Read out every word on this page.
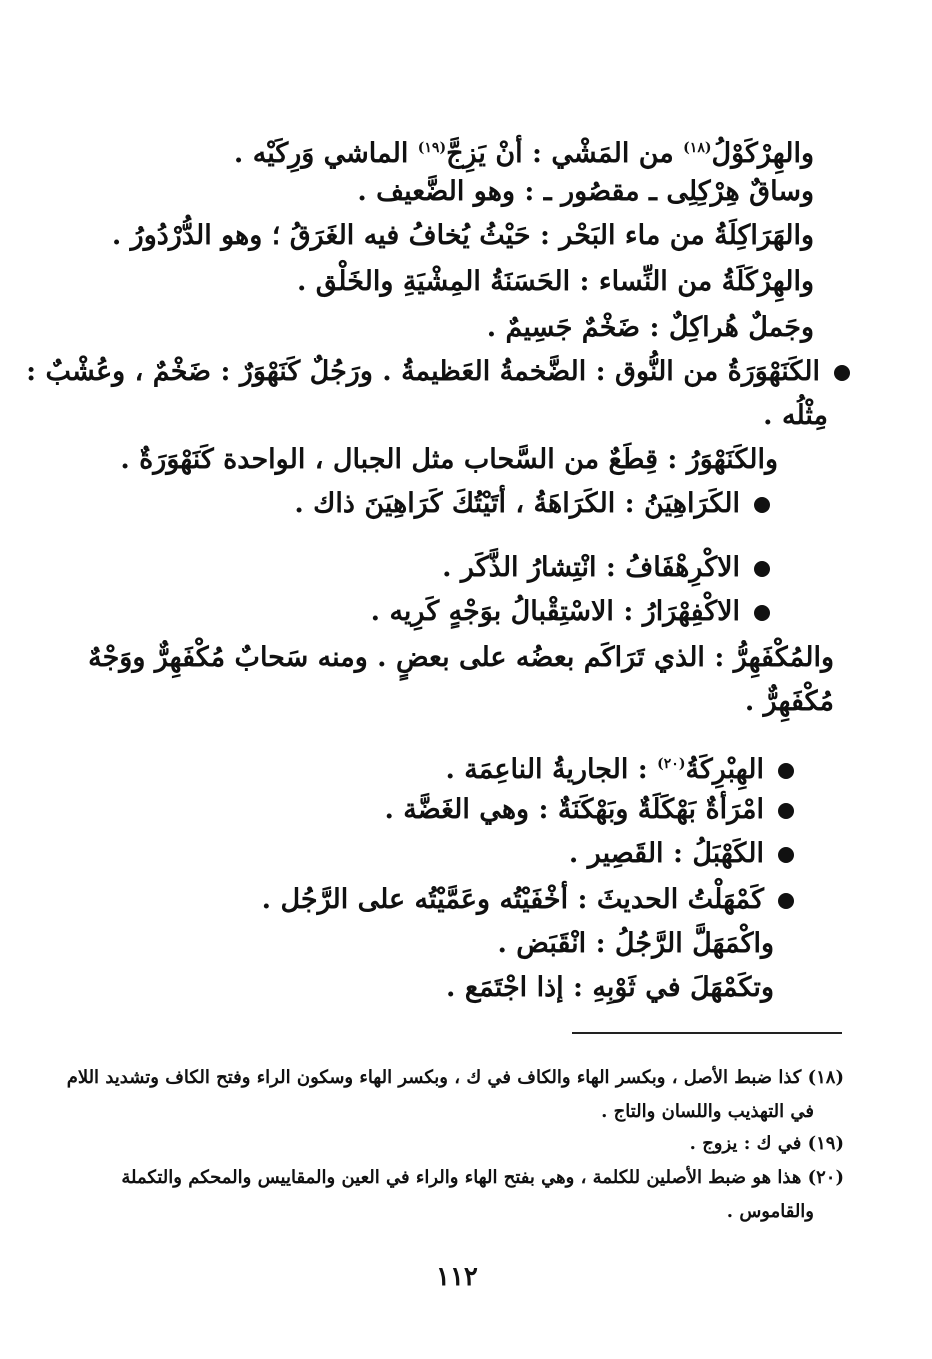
والهِرْكَوْلُ$^{(١٨)}$ من المَشْي : أنْ يَزِجَّ$^{(١٩)}$ الماشي وَرِكَيْه .
وساقٌ هِرْكِلِى ـ مقصُور ـ : وهو الضَّعيف .
والهَرَاكِلَةُ من ماء البَحْر : حَيْثُ يُخافُ فيه الغَرَقُ ؛ وهو الدُّرْدُورُ .
والهِرْكَلَةُ من النِّساء : الحَسَنَةُ المِشْيَةِ والخَلْق .
وجَملٌ هُراكِلٌ : ضَخْمٌ جَسِيمٌ .
الكَنَهْوَرَةُ من النُّوق : الضَّخمةُ العَظيمةُ . ورَجُلٌ كَنَهْوَرٌ : ضَخْمٌ ، وعُشْبٌ :
مِثْلُه .
والكَنَهْوَرُ : قِطَعٌ من السَّحاب مثل الجبال ، الواحدة كَنَهْوَرَةٌ .
الكَرَاهِيَنُ : الكَرَاهَةُ ، أتَيْتُكَ كَرَاهِيَنَ ذاك .
الاكْرِهْفَافُ : انْتِشارُ الذَّكَر .
الاكْفِهْرَارُ : الاسْتِقْبالُ بوَجْهٍ كَرِيه .
والمُكْفَهِرُّ : الذي تَرَاكَم بعضُه على بعضٍ . ومنه سَحابٌ مُكْفَهِرٌّ ووَجْهٌ
مُكْفَهِرٌّ .
الهِبْرِكَةُ$^{(٢٠)}$ : الجاريةُ الناعِمَة .
امْرَأةٌ بَهْكَلَةٌ وبَهْكَنَةٌ : وهي الغَضَّة .
الكَهْبَلُ : القَصِير .
كَمْهَلْتُ الحديثَ : أخْفَيْتُه وعَمَّيْتُه على الرَّجُل .
واكْمَهَلَّ الرَّجُلُ : انْقَبَض .
وتكَمْهَلَ في ثَوْبِهِ : إذا اجْتَمَع .
(١٨) كذا ضبط الأصل ، وبكسر الهاء والكاف في ك ، وبكسر الهاء وسكون الراء وفتح الكاف وتشديد اللام
في التهذيب واللسان والتاج .
(١٩) في ك : يزوج .
(٢٠) هذا هو ضبط الأصلين للكلمة ، وهي بفتح الهاء والراء في العين والمقاييس والمحكم والتكملة
والقاموس .
١١٢
